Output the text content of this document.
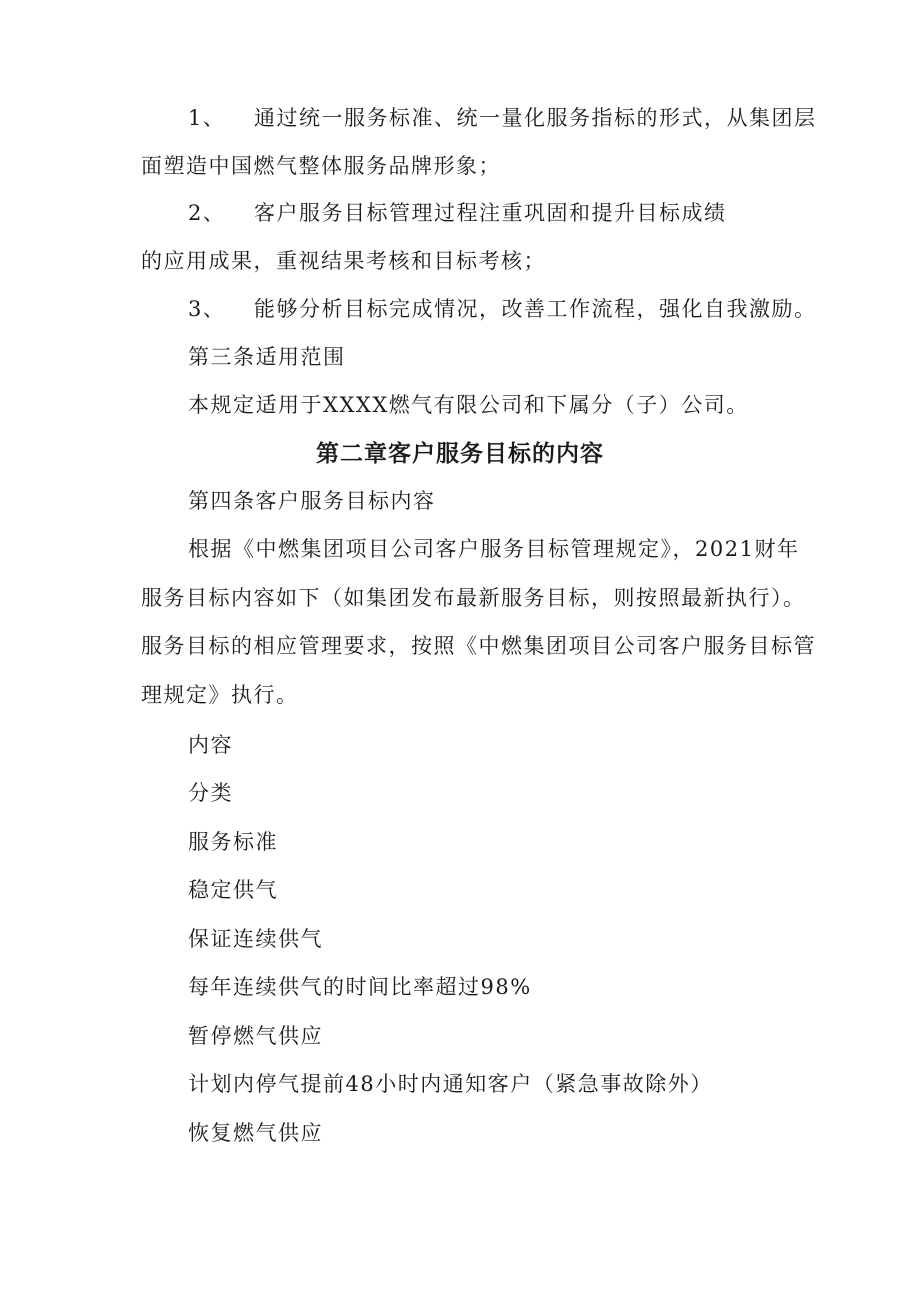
1、 通过统一服务标准、统一量化服务指标的形式，从集团层
面塑造中国燃气整体服务品牌形象；
2、 客户服务目标管理过程注重巩固和提升目标成绩
的应用成果，重视结果考核和目标考核；
3、 能够分析目标完成情况，改善工作流程，强化自我激励。
第三条适用范围
本规定适用于XXXX燃气有限公司和下属分（子）公司。
第二章客户服务目标的内容
第四条客户服务目标内容
根据《中燃集团项目公司客户服务目标管理规定》，2021财年
服务目标内容如下（如集团发布最新服务目标，则按照最新执行）。
服务目标的相应管理要求，按照《中燃集团项目公司客户服务目标管
理规定》执行。
内容
分类
服务标准
稳定供气
保证连续供气
每年连续供气的时间比率超过98%
暂停燃气供应
计划内停气提前48小时内通知客户（紧急事故除外）
恢复燃气供应
